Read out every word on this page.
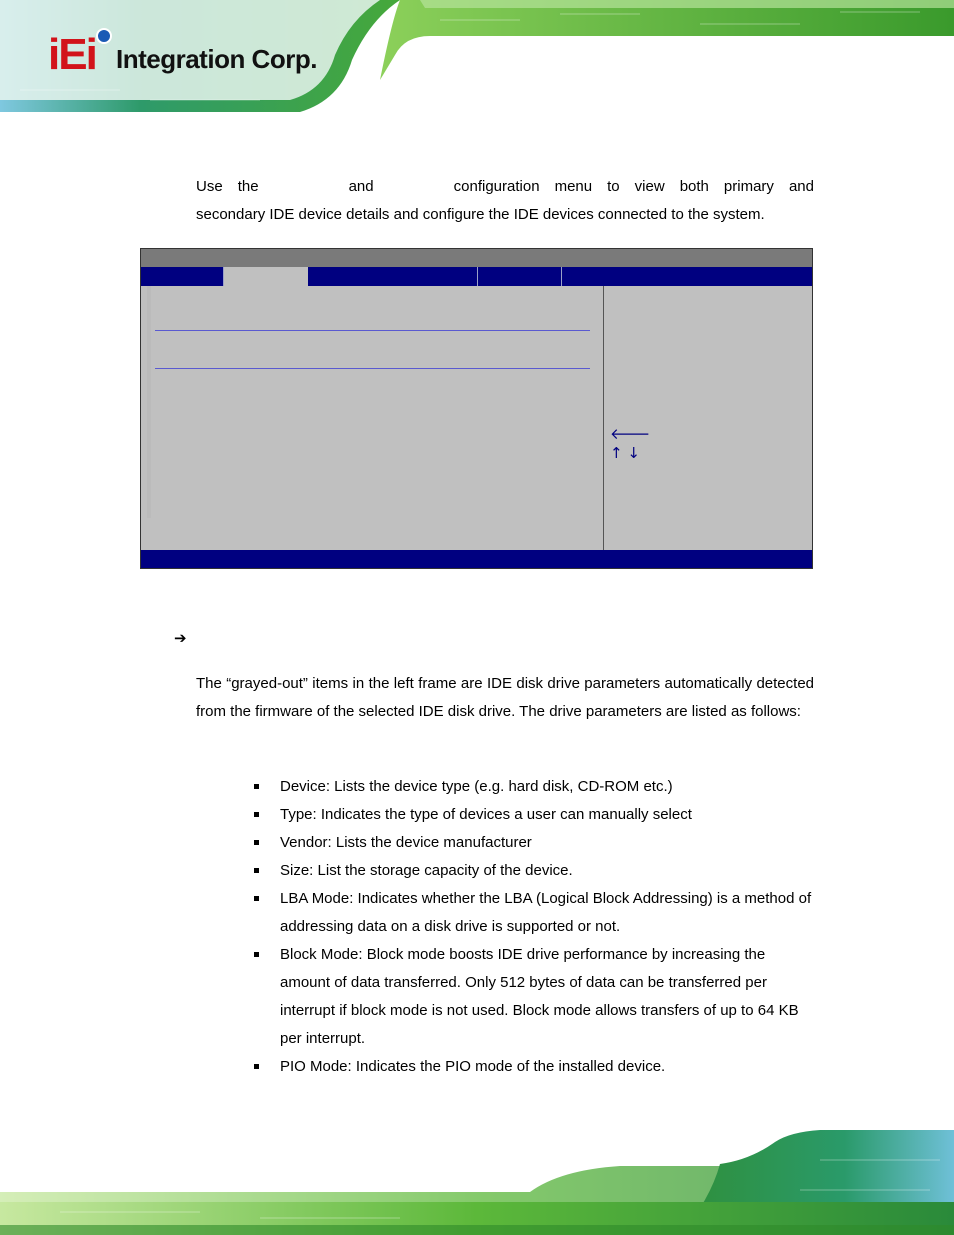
iEi Integration Corp.
Use the	and	configuration menu to view both primary and
secondary IDE device details and configure the IDE devices connected to the system.
🡐
↑ ↓
➔
The “grayed-out” items in the left frame are IDE disk drive parameters automatically detected from the firmware of the selected IDE disk drive. The drive parameters are listed as follows:
Device: Lists the device type (e.g. hard disk, CD-ROM etc.)
Type: Indicates the type of devices a user can manually select
Vendor: Lists the device manufacturer
Size: List the storage capacity of the device.
LBA Mode: Indicates whether the LBA (Logical Block Addressing) is a method of addressing data on a disk drive is supported or not.
Block Mode: Block mode boosts IDE drive performance by increasing the amount of data transferred. Only 512 bytes of data can be transferred per interrupt if block mode is not used. Block mode allows transfers of up to 64 KB per interrupt.
PIO Mode: Indicates the PIO mode of the installed device.
